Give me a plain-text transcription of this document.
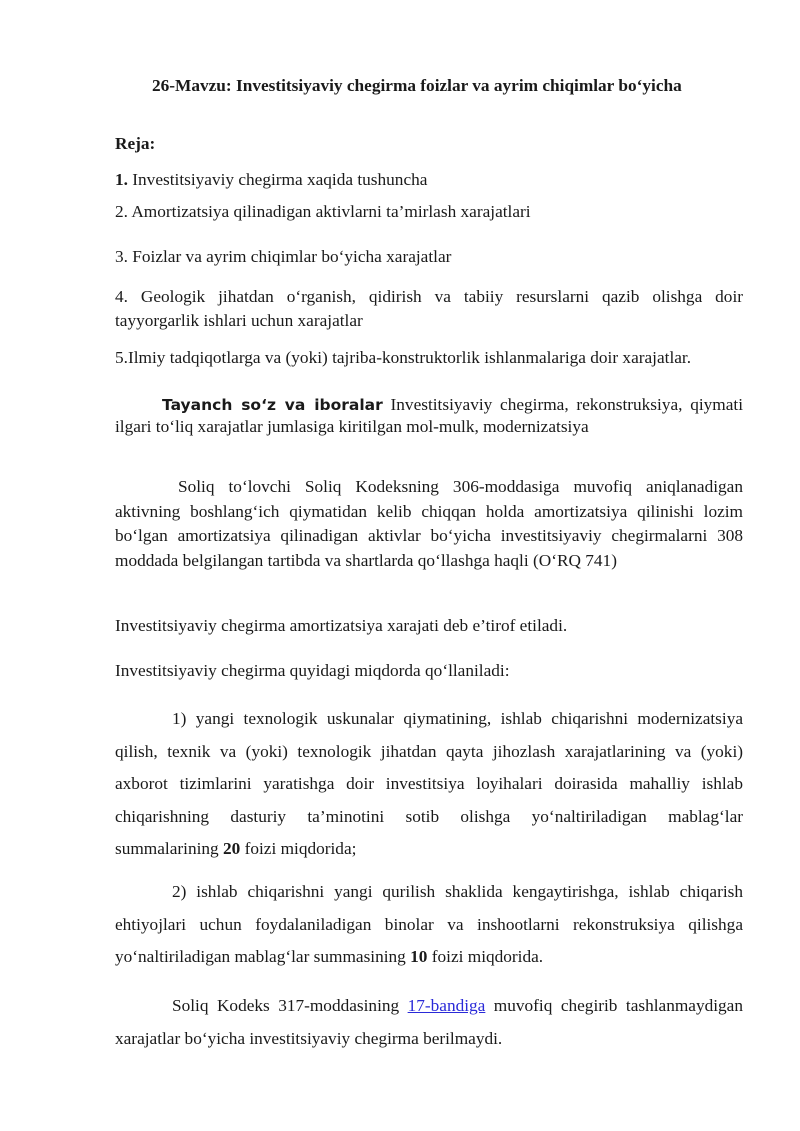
26-Mavzu: Investitsiyaviy chegirma foizlar va ayrim chiqimlar bo‘yicha
Reja:
1. Investitsiyaviy chegirma xaqida tushuncha
2. Amortizatsiya qilinadigan aktivlarni ta’mirlash xarajatlari
3. Foizlar va ayrim chiqimlar bo‘yicha xarajatlar
4. Geologik jihatdan o‘rganish, qidirish va tabiiy resurslarni qazib olishga doir tayyorgarlik ishlari uchun xarajatlar
5.Ilmiy tadqiqotlarga va (yoki) tajriba-konstruktorlik ishlanmalariga doir xarajatlar.
Tayanch so‘z va iboralar Investitsiyaviy chegirma, rekonstruksiya, qiymati ilgari to‘liq xarajatlar jumlasiga kiritilgan mol-mulk, modernizatsiya
Soliq to‘lovchi Soliq Kodeksning 306-moddasiga muvofiq aniqlanadigan aktivning boshlang‘ich qiymatidan kelib chiqqan holda amortizatsiya qilinishi lozim bo‘lgan amortizatsiya qilinadigan aktivlar bo‘yicha investitsiyaviy chegirmalarni 308 moddada belgilangan tartibda va shartlarda qo‘llashga haqli (O‘RQ 741)
Investitsiyaviy chegirma amortizatsiya xarajati deb e’tirof etiladi.
Investitsiyaviy chegirma quyidagi miqdorda qo‘llaniladi:
1) yangi texnologik uskunalar qiymatining, ishlab chiqarishni modernizatsiya qilish, texnik va (yoki) texnologik jihatdan qayta jihozlash xarajatlarining va (yoki) axborot tizimlarini yaratishga doir investitsiya loyihalari doirasida mahalliy ishlab chiqarishning dasturiy ta’minotini sotib olishga yo‘naltiriladigan mablag‘lar summalarining 20 foizi miqdorida;
2) ishlab chiqarishni yangi qurilish shaklida kengaytirishga, ishlab chiqarish ehtiyojlari uchun foydalaniladigan binolar va inshootlarni rekonstruksiya qilishga yo‘naltiriladigan mablag‘lar summasining 10 foizi miqdorida.
Soliq Kodeks 317-moddasining 17-bandiga muvofiq chegirib tashlanmaydigan xarajatlar bo‘yicha investitsiyaviy chegirma berilmaydi.
